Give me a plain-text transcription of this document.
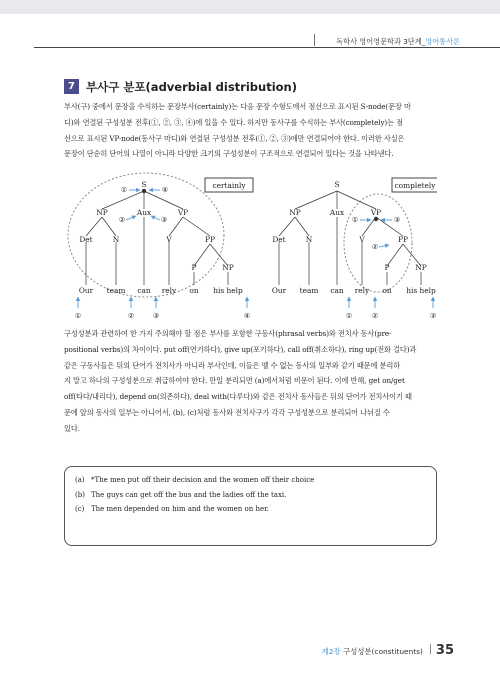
독학사 영어영문학과 3단계_영어통사론
7 부사구 분포(adverbial distribution)
부사(구) 중에서 문장을 수식하는 문장부사(certainly)는 다음 문장 수형도에서 점선으로 표시된 S-node(문장 마
디)와 연결된 구성성분 전후(①, ②, ③, ④)에 있을 수 있다. 하지만 동사구를 수식하는 부사(completely)는 점
선으로 표시된 VP-node(동사구 마디)와 연결된 구성성분 전후(①, ②, ③)에만 연결되어야 한다. 이러한 사실은
문장이 단순히 단어의 나열이 아니라 다양한 크기의 구성성분이 구조적으로 연결되어 있다는 것을 나타낸다.
certainly
S
NP	Aux	VP
Det	N	V	PP
P	NP
Our team can rely on his help
①	④
②	③
①	②	③	④
completely
S
NP	Aux	VP
Det	N	V	PP
P	NP
Our team can rely on his help
①	③
②
①	②	③
구성성분과 관련하여 한 가지 주의해야 할 점은 부사를 포함한 구동사(phrasal verbs)와 전치사 동사(pre-
positional verbs)의 차이이다. put off(연기하다), give up(포기하다), call off(취소하다), ring up(전화 걸다)과
같은 구동사들은 뒤의 단어가 전치사가 아니라 부사인데, 이들은 뗄 수 없는 동사의 일부와 같기 때문에 분리하
지 말고 하나의 구성성분으로 취급하여야 한다. 만일 분리되면 (a)에서처럼 비문이 된다. 이에 반해, get on/get
off(타다/내리다), depend on(의존하다), deal with(다루다)와 같은 전치사 동사들은 뒤의 단어가 전치사이기 때
문에 앞의 동사의 일부는 아니어서, (b), (c)처럼 동사와 전치사구가 각각 구성성분으로 분리되어 나뉘질 수
있다.
(a) *The men put off their decision and the women off their choice
(b) The guys can get off the bus and the ladies off the taxi.
(c) The men depended on him and the women on her.
제2장 구성성분(constituents) 35
